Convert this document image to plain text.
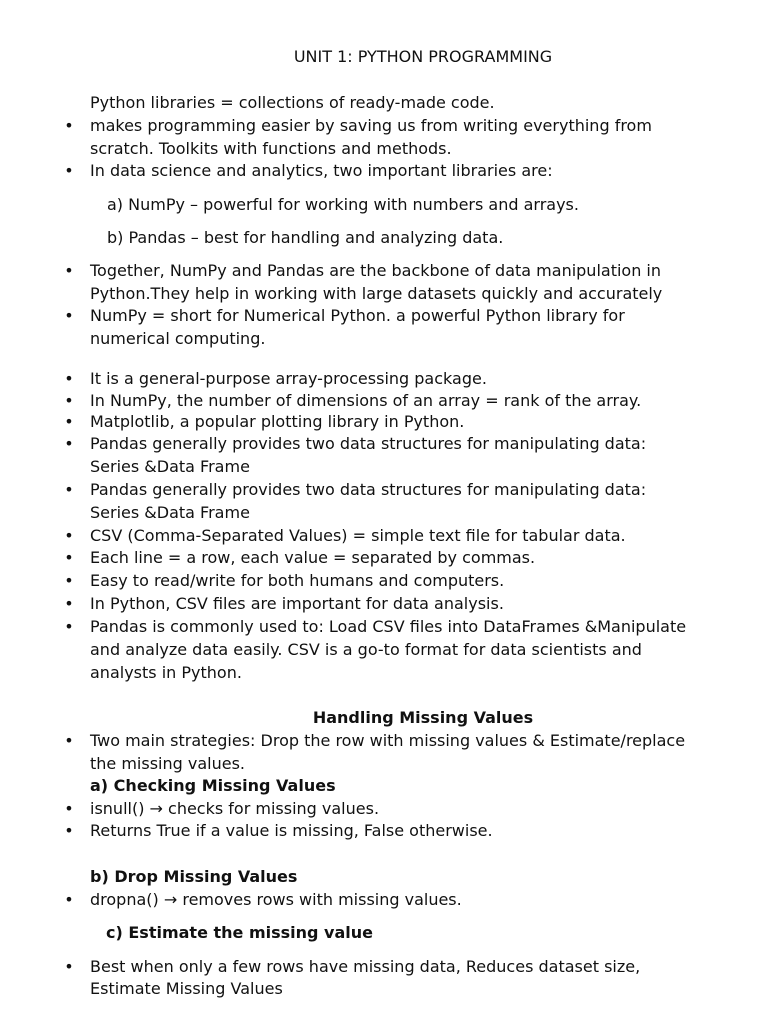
UNIT 1: PYTHON PROGRAMMING
Python libraries = collections of ready-made code.
• makes programming easier by saving us from writing everything from
scratch. Toolkits with functions and methods.
• In data science and analytics, two important libraries are:
a) NumPy – powerful for working with numbers and arrays.
b) Pandas – best for handling and analyzing data.
• Together, NumPy and Pandas are the backbone of data manipulation in
Python.They help in working with large datasets quickly and accurately
• NumPy = short for Numerical Python. a powerful Python library for
numerical computing.
• It is a general-purpose array-processing package.
• In NumPy, the number of dimensions of an array = rank of the array.
• Matplotlib, a popular plotting library in Python.
• Pandas generally provides two data structures for manipulating data:
Series &Data Frame
• Pandas generally provides two data structures for manipulating data:
Series &Data Frame
• CSV (Comma-Separated Values) = simple text file for tabular data.
• Each line = a row, each value = separated by commas.
• Easy to read/write for both humans and computers.
• In Python, CSV files are important for data analysis.
• Pandas is commonly used to: Load CSV files into DataFrames &Manipulate
and analyze data easily. CSV is a go-to format for data scientists and
analysts in Python.
Handling Missing Values
• Two main strategies: Drop the row with missing values & Estimate/replace
the missing values.
a) Checking Missing Values
• isnull() → checks for missing values.
• Returns True if a value is missing, False otherwise.
b) Drop Missing Values
• dropna() → removes rows with missing values.
c) Estimate the missing value
• Best when only a few rows have missing data, Reduces dataset size,
Estimate Missing Values
